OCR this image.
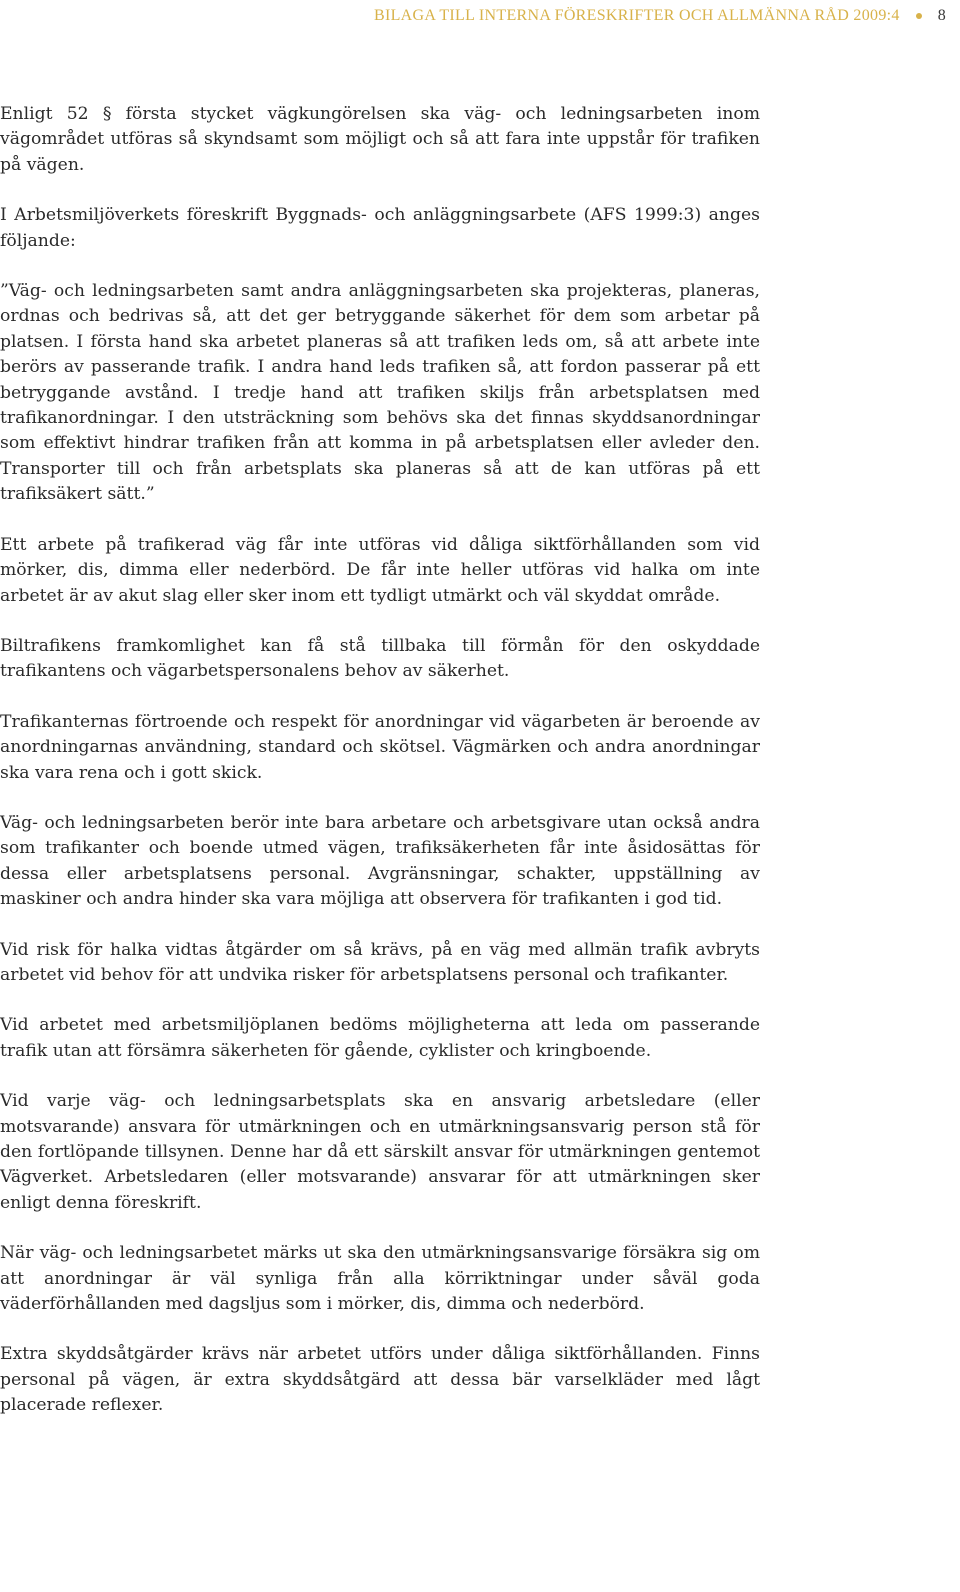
BILAGA TILL INTERNA FÖRESKRIFTER OCH ALLMÄNNA RÅD 2009:4 8

Enligt 52 § första stycket vägkungörelsen ska väg- och ledningsarbeten inom vägområdet utföras så skyndsamt som möjligt och så att fara inte uppstår för trafiken på vägen.

I Arbetsmiljöverkets föreskrift Byggnads- och anläggningsarbete (AFS 1999:3) anges följande:

”Väg- och ledningsarbeten samt andra anläggningsarbeten ska projekteras, planeras, ordnas och bedrivas så, att det ger betryggande säkerhet för dem som arbetar på platsen. I första hand ska arbetet planeras så att trafiken leds om, så att arbete inte berörs av passerande trafik. I andra hand leds trafiken så, att fordon passerar på ett betryggande avstånd. I tredje hand att trafiken skiljs från arbetsplatsen med trafikanordningar. I den utsträckning som behövs ska det finnas skyddsanordningar som effektivt hindrar trafiken från att komma in på arbetsplatsen eller avleder den. Transporter till och från arbetsplats ska planeras så att de kan utföras på ett trafiksäkert sätt.”

Ett arbete på trafikerad väg får inte utföras vid dåliga siktförhållanden som vid mörker, dis, dimma eller nederbörd. De får inte heller utföras vid halka om inte arbetet är av akut slag eller sker inom ett tydligt utmärkt och väl skyddat område.

Biltrafikens framkomlighet kan få stå tillbaka till förmån för den oskyddade trafikantens och vägarbetspersonalens behov av säkerhet.

Trafikanternas förtroende och respekt för anordningar vid vägarbeten är beroende av anordningarnas användning, standard och skötsel. Vägmärken och andra anordningar ska vara rena och i gott skick.

Väg- och ledningsarbeten berör inte bara arbetare och arbetsgivare utan också andra som trafikanter och boende utmed vägen, trafiksäkerheten får inte åsidosättas för dessa eller arbetsplatsens personal. Avgränsningar, schakter, uppställning av maskiner och andra hinder ska vara möjliga att observera för trafikanten i god tid.

Vid risk för halka vidtas åtgärder om så krävs, på en väg med allmän trafik avbryts arbetet vid behov för att undvika risker för arbetsplatsens personal och trafikanter.

Vid arbetet med arbetsmiljöplanen bedöms möjligheterna att leda om passerande trafik utan att försämra säkerheten för gående, cyklister och kringboende.

Vid varje väg- och ledningsarbetsplats ska en ansvarig arbetsledare (eller motsvarande) ansvara för utmärkningen och en utmärkningsansvarig person stå för den fortlöpande tillsynen. Denne har då ett särskilt ansvar för utmärkningen gentemot Vägverket. Arbetsledaren (eller motsvarande) ansvarar för att utmärkningen sker enligt denna föreskrift.

När väg- och ledningsarbetet märks ut ska den utmärkningsansvarige försäkra sig om att anordningar är väl synliga från alla körriktningar under såväl goda väderförhållanden med dagsljus som i mörker, dis, dimma och nederbörd.

Extra skyddsåtgärder krävs när arbetet utförs under dåliga siktförhållanden. Finns personal på vägen, är extra skyddsåtgärd att dessa bär varselkläder med lågt placerade reflexer.
